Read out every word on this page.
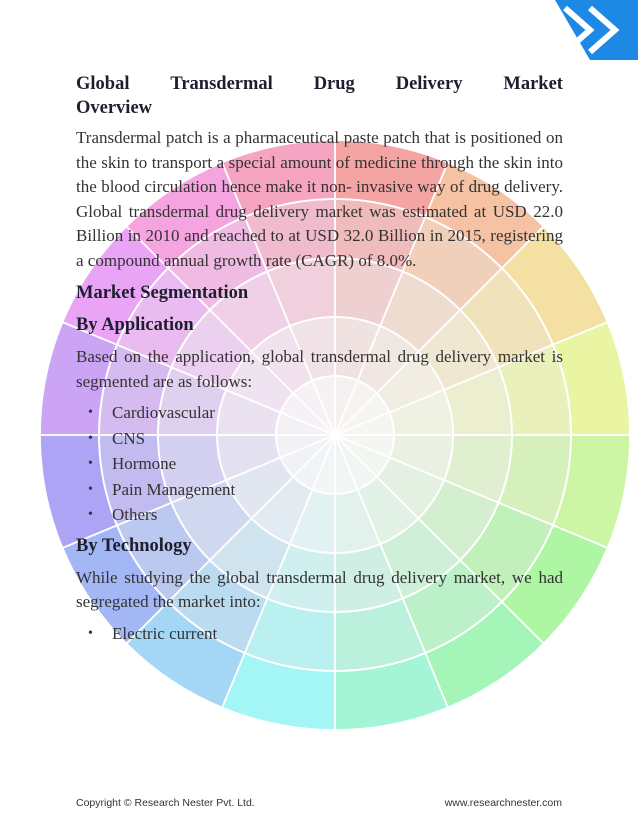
Global Transdermal Drug Delivery Market
Overview

Transdermal patch is a pharmaceutical paste patch that is positioned on the skin to transport a special amount of medicine through the skin into the blood circulation hence make it non- invasive way of drug delivery. Global transdermal drug delivery market was estimated at USD 22.0 Billion in 2010 and reached to at USD 32.0 Billion in 2015, registering a compound annual growth rate (CAGR) of 8.0%.

Market Segmentation
By Application

Based on the application, global transdermal drug delivery market is segmented are as follows:

• Cardiovascular
• CNS
• Hormone
• Pain Management
• Others
By Technology

While studying the global transdermal drug delivery market, we had segregated the market into:

• Electric current
Copyright © Research Nester Pvt. Ltd.	www.researchnester.com
